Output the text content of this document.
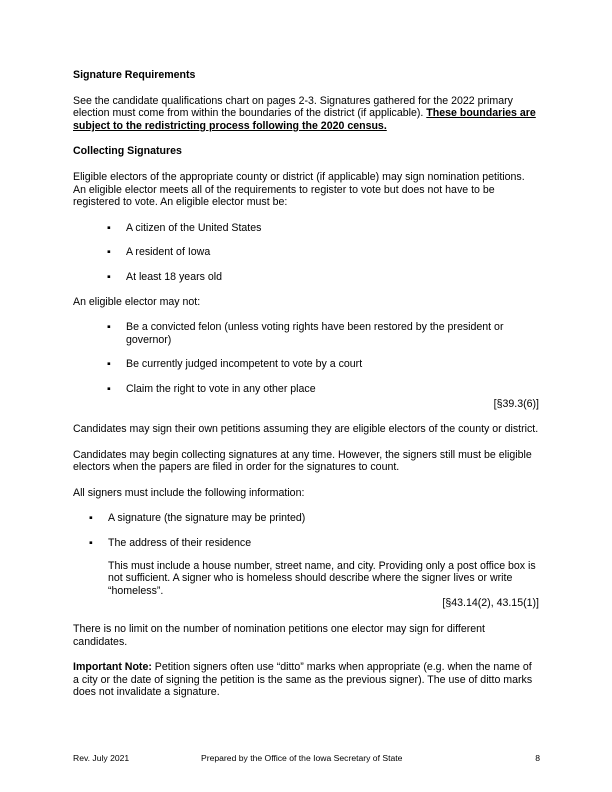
Signature Requirements

See the candidate qualifications chart on pages 2-3. Signatures gathered for the 2022 primary election must come from within the boundaries of the district (if applicable). These boundaries are subject to the redistricting process following the 2020 census.

Collecting Signatures

Eligible electors of the appropriate county or district (if applicable) may sign nomination petitions. An eligible elector meets all of the requirements to register to vote but does not have to be registered to vote. An eligible elector must be:

▪ A citizen of the United States
▪ A resident of Iowa
▪ At least 18 years old

An eligible elector may not:

▪ Be a convicted felon (unless voting rights have been restored by the president or governor)
▪ Be currently judged incompetent to vote by a court
▪ Claim the right to vote in any other place
[§39.3(6)]

Candidates may sign their own petitions assuming they are eligible electors of the county or district.

Candidates may begin collecting signatures at any time. However, the signers still must be eligible electors when the papers are filed in order for the signatures to count.

All signers must include the following information:

▪ A signature (the signature may be printed)
▪ The address of their residence
This must include a house number, street name, and city. Providing only a post office box is not sufficient. A signer who is homeless should describe where the signer lives or write “homeless”.
[§43.14(2), 43.15(1)]

There is no limit on the number of nomination petitions one elector may sign for different candidates.

Important Note: Petition signers often use “ditto” marks when appropriate (e.g. when the name of a city or the date of signing the petition is the same as the previous signer). The use of ditto marks does not invalidate a signature.

Rev. July 2021	Prepared by the Office of the Iowa Secretary of State	8
